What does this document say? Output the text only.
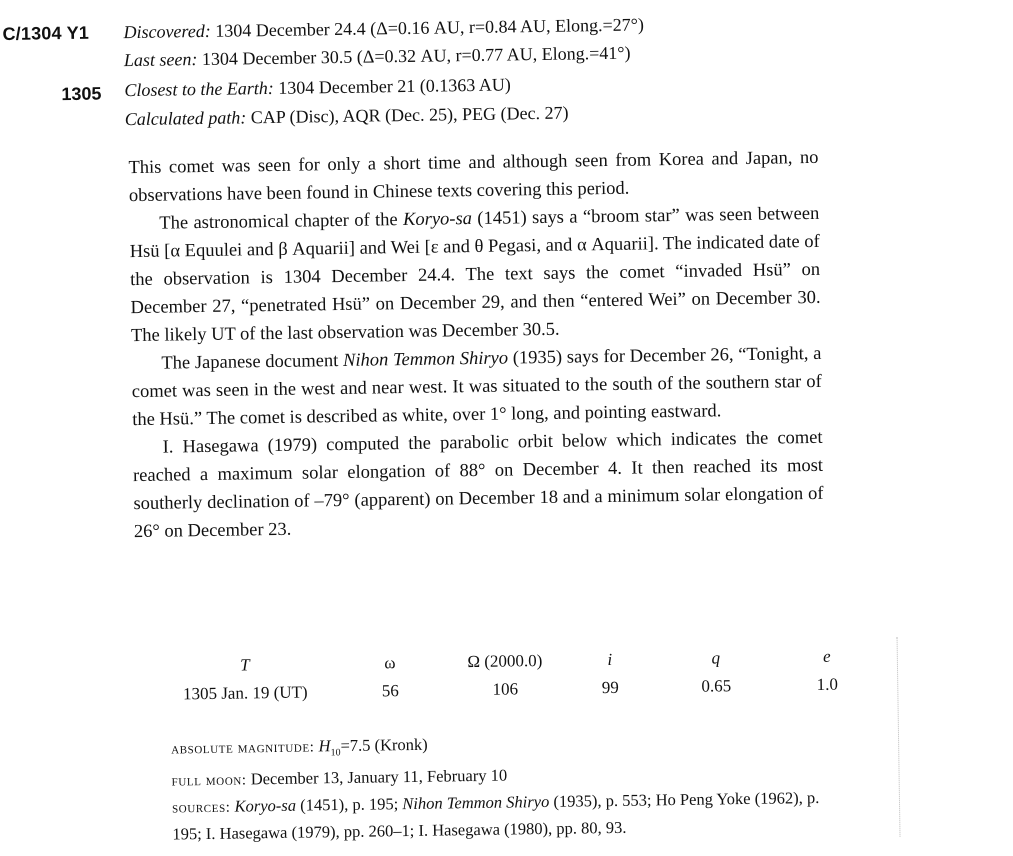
C/1304 Y1
1305
Discovered: 1304 December 24.4 (Δ=0.16 AU, r=0.84 AU, Elong.=27°)
Last seen: 1304 December 30.5 (Δ=0.32 AU, r=0.77 AU, Elong.=41°)
Closest to the Earth: 1304 December 21 (0.1363 AU)
Calculated path: CAP (Disc), AQR (Dec. 25), PEG (Dec. 27)

This comet was seen for only a short time and although seen from Korea and Japan, no observations have been found in Chinese texts covering this period.

The astronomical chapter of the Koryo-sa (1451) says a “broom star” was seen between Hsü [α Equulei and β Aquarii] and Wei [ε and θ Pegasi, and α Aquarii]. The indicated date of the observation is 1304 December 24.4. The text says the comet “invaded Hsü” on December 27, “penetrated Hsü” on December 29, and then “entered Wei” on December 30. The likely UT of the last observation was December 30.5.

The Japanese document Nihon Temmon Shiryo (1935) says for December 26, “Tonight, a comet was seen in the west and near west. It was situated to the south of the southern star of the Hsü.” The comet is described as white, over 1° long, and pointing eastward.

I. Hasegawa (1979) computed the parabolic orbit below which indicates the comet reached a maximum solar elongation of 88° on December 4. It then reached its most southerly declination of –79° (apparent) on December 18 and a minimum solar elongation of 26° on December 23.

T	ω	Ω (2000.0)	i	q	e
1305 Jan. 19 (UT)	56	106	99	0.65	1.0

absolute magnitude: $H_{10}=7.5$ (Kronk)

full moon: December 13, January 11, February 10

sources: Koryo-sa (1451), p. 195; Nihon Temmon Shiryo (1935), p. 553; Ho Peng Yoke (1962), p. 195; I. Hasegawa (1979), pp. 260–1; I. Hasegawa (1980), pp. 80, 93.
